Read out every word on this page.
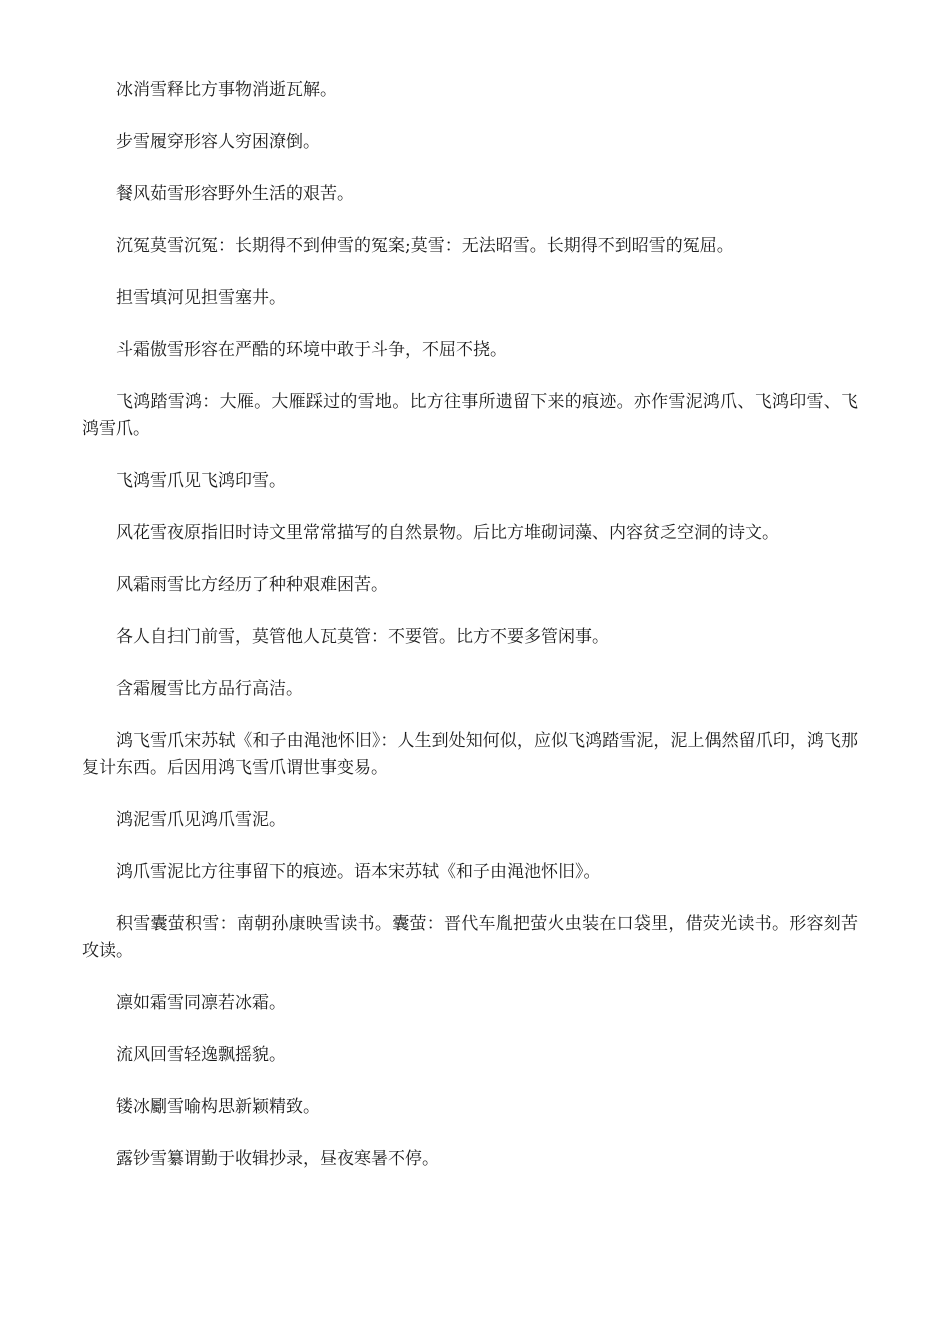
冰消雪释比方事物消逝瓦解。

步雪履穿形容人穷困潦倒。

餐风茹雪形容野外生活的艰苦。

沉冤莫雪沉冤：长期得不到伸雪的冤案;莫雪：无法昭雪。长期得不到昭雪的冤屈。

担雪填河见担雪塞井。

斗霜傲雪形容在严酷的环境中敢于斗争，不屈不挠。

飞鸿踏雪鸿：大雁。大雁踩过的雪地。比方往事所遗留下来的痕迹。亦作雪泥鸿爪、飞鸿印雪、飞鸿雪爪。

飞鸿雪爪见飞鸿印雪。

风花雪夜原指旧时诗文里常常描写的自然景物。后比方堆砌词藻、内容贫乏空洞的诗文。

风霜雨雪比方经历了种种艰难困苦。

各人自扫门前雪，莫管他人瓦莫管：不要管。比方不要多管闲事。

含霜履雪比方品行高洁。

鸿飞雪爪宋苏轼《和子由渑池怀旧》：人生到处知何似，应似飞鸿踏雪泥，泥上偶然留爪印，鸿飞那复计东西。后因用鸿飞雪爪谓世事变易。

鸿泥雪爪见鸿爪雪泥。

鸿爪雪泥比方往事留下的痕迹。语本宋苏轼《和子由渑池怀旧》。

积雪囊萤积雪：南朝孙康映雪读书。囊萤：晋代车胤把萤火虫装在口袋里，借荧光读书。形容刻苦攻读。

凛如霜雪同凛若冰霜。

流风回雪轻逸飘摇貌。

镂冰劚雪喻构思新颖精致。

露钞雪纂谓勤于收辑抄录，昼夜寒暑不停。
